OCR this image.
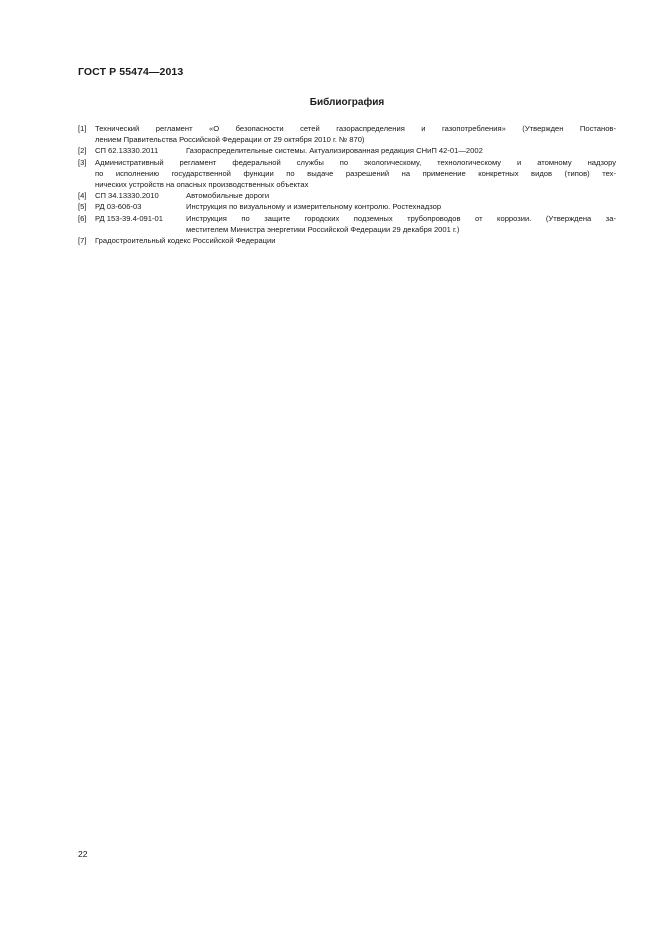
ГОСТ Р 55474—2013
Библиография
[1] Технический регламент «О безопасности сетей газораспределения и газопотребления» (Утвержден Постанов-
лением Правительства Российской Федерации от 29 октября 2010 г. № 870)
[2] СП 62.13330.2011	Газораспределительные системы. Актуализированная редакция СНиП 42-01—2002
[3] Административный регламент федеральной службы по экологическому, технологическому и атомному надзору
по исполнению государственной функции по выдаче разрешений на применение конкретных видов (типов) тех-
нических устройств на опасных производственных объектах
[4] СП 34.13330.2010	Автомобильные дороги
[5] РД 03-606-03	Инструкция по визуальному и измерительному контролю. Ростехнадзор
[6] РД 153-39.4-091-01	Инструкция по защите городских подземных трубопроводов от коррозии. (Утверждена за-
местителем Министра энергетики Российской Федерации 29 декабря 2001 г.)
[7] Градостроительный кодекс Российской Федерации
22
